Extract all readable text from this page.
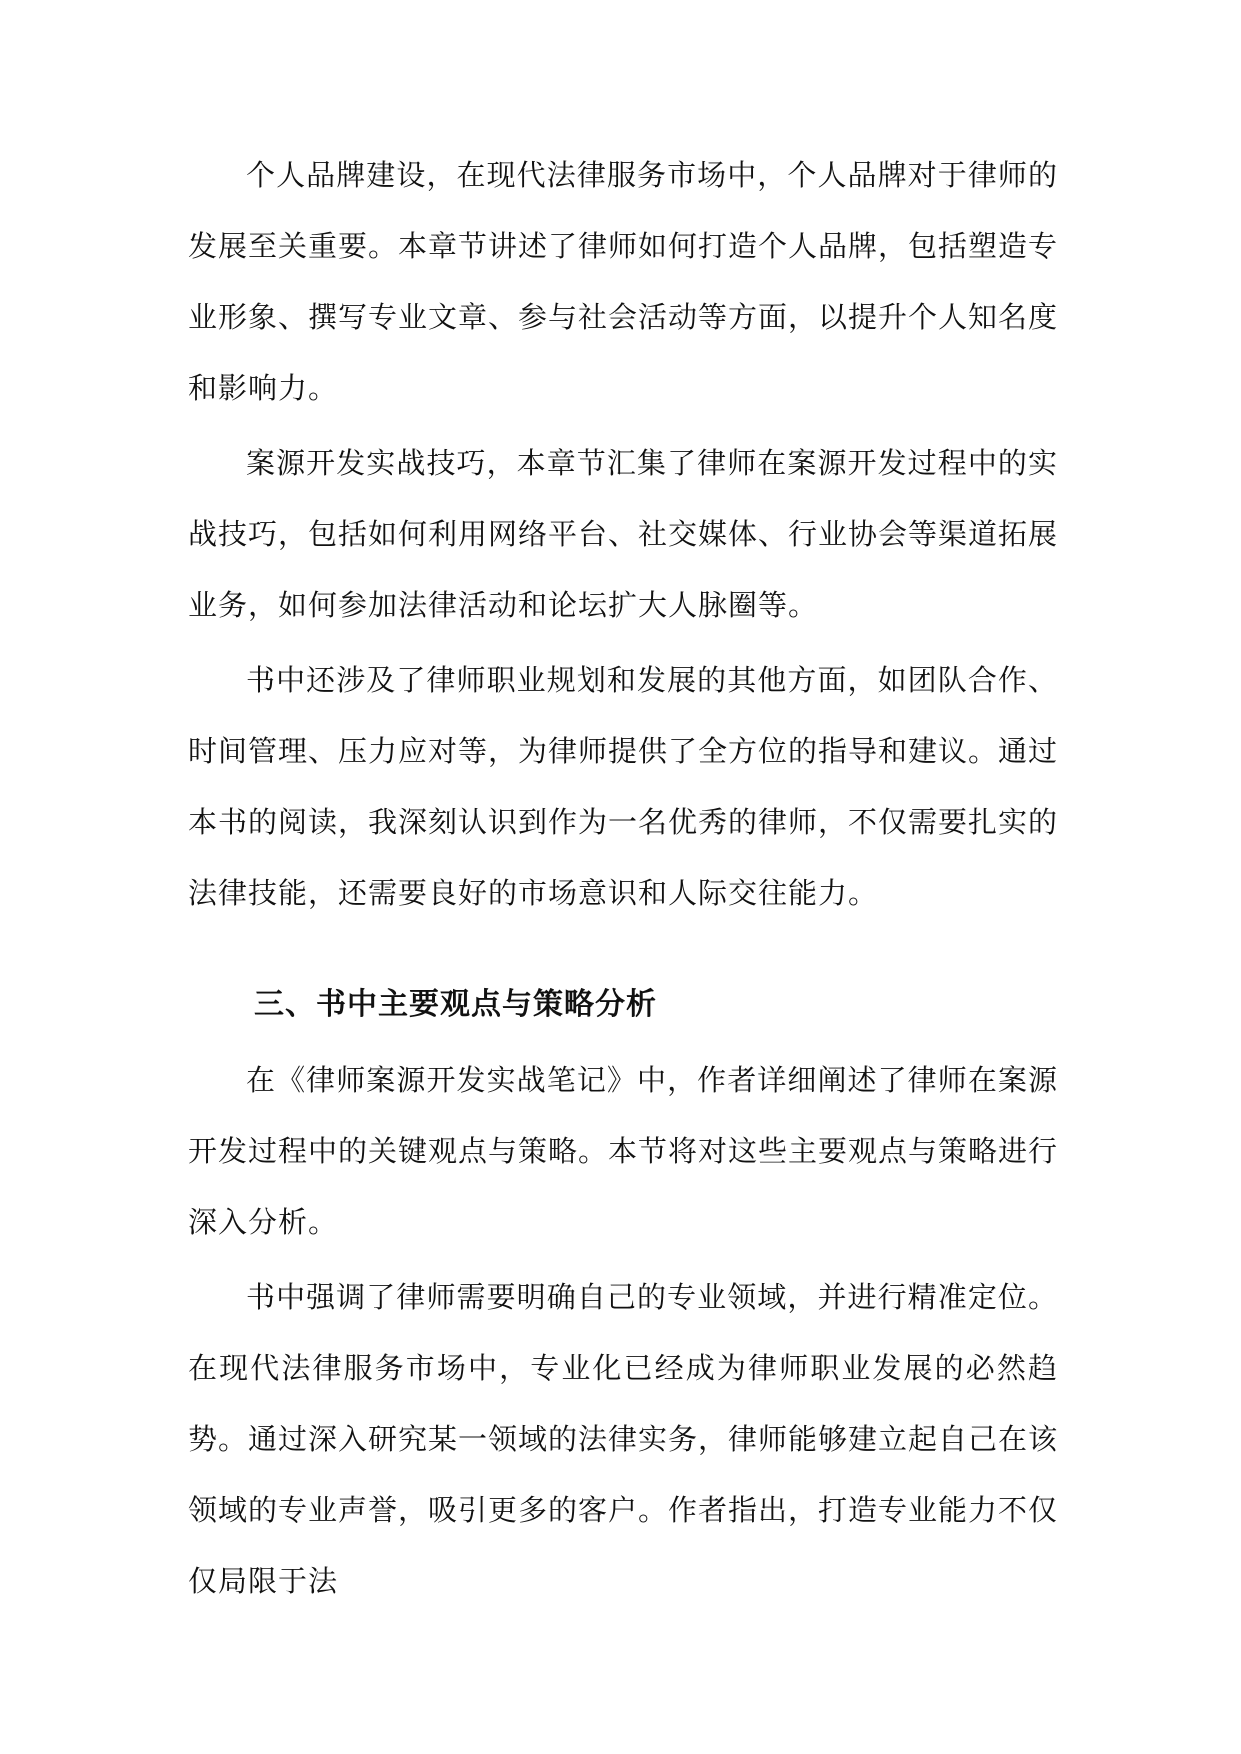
个人品牌建设，在现代法律服务市场中，个人品牌对于律师的发展至关重要。本章节讲述了律师如何打造个人品牌，包括塑造专业形象、撰写专业文章、参与社会活动等方面，以提升个人知名度和影响力。

案源开发实战技巧，本章节汇集了律师在案源开发过程中的实战技巧，包括如何利用网络平台、社交媒体、行业协会等渠道拓展业务，如何参加法律活动和论坛扩大人脉圈等。

书中还涉及了律师职业规划和发展的其他方面，如团队合作、时间管理、压力应对等，为律师提供了全方位的指导和建议。通过本书的阅读，我深刻认识到作为一名优秀的律师，不仅需要扎实的法律技能，还需要良好的市场意识和人际交往能力。

三、书中主要观点与策略分析

在《律师案源开发实战笔记》中，作者详细阐述了律师在案源开发过程中的关键观点与策略。本节将对这些主要观点与策略进行深入分析。

书中强调了律师需要明确自己的专业领域，并进行精准定位。在现代法律服务市场中，专业化已经成为律师职业发展的必然趋势。通过深入研究某一领域的法律实务，律师能够建立起自己在该领域的专业声誉，吸引更多的客户。作者指出，打造专业能力不仅仅局限于法
